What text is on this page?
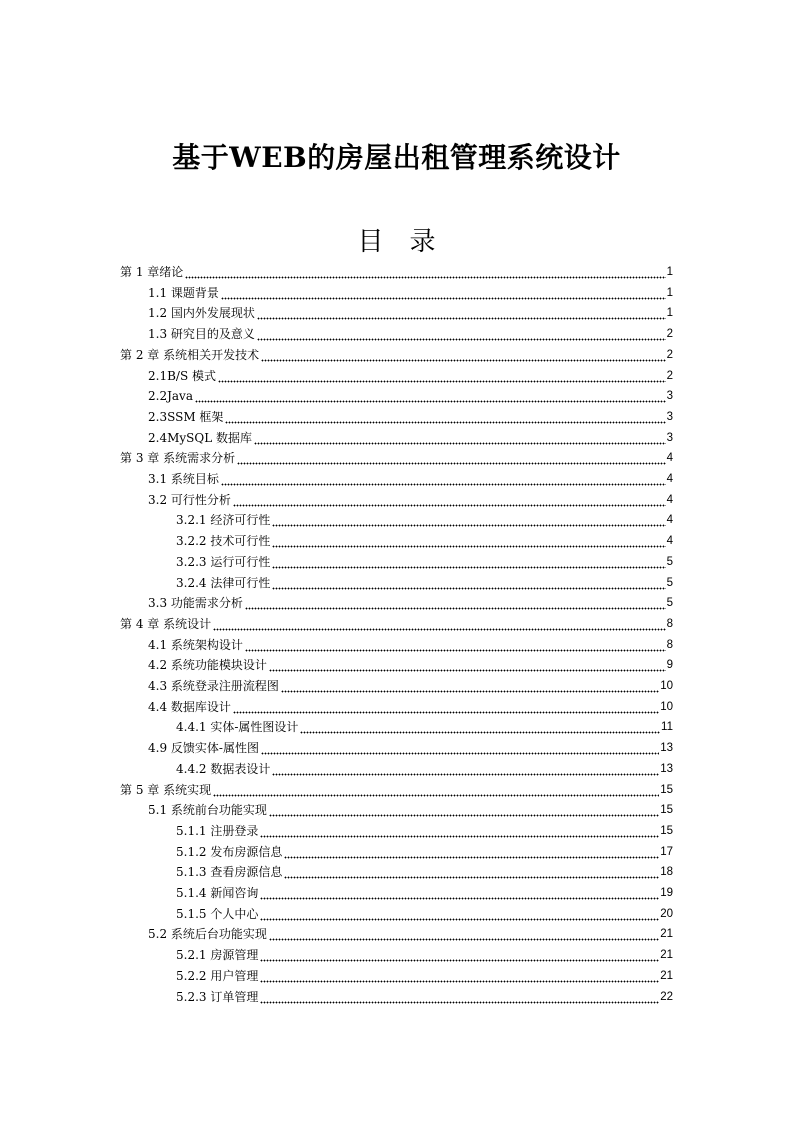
基于WEB的房屋出租管理系统设计
目　录
第 1 章绪论	1
1.1 课题背景	1
1.2 国内外发展现状	1
1.3 研究目的及意义	2
第 2 章 系统相关开发技术	2
2.1B/S 模式	2
2.2Java	3
2.3SSM 框架	3
2.4MySQL 数据库	3
第 3 章 系统需求分析	4
3.1 系统目标	4
3.2 可行性分析	4
3.2.1 经济可行性	4
3.2.2 技术可行性	4
3.2.3 运行可行性	5
3.2.4 法律可行性	5
3.3 功能需求分析	5
第 4 章 系统设计	8
4.1 系统架构设计	8
4.2 系统功能模块设计	9
4.3 系统登录注册流程图	10
4.4 数据库设计	10
4.4.1 实体-属性图设计	11
4.9 反馈实体-属性图	13
4.4.2 数据表设计	13
第 5 章 系统实现	15
5.1 系统前台功能实现	15
5.1.1 注册登录	15
5.1.2 发布房源信息	17
5.1.3 查看房源信息	18
5.1.4 新闻咨询	19
5.1.5 个人中心	20
5.2 系统后台功能实现	21
5.2.1 房源管理	21
5.2.2 用户管理	21
5.2.3 订单管理	22
